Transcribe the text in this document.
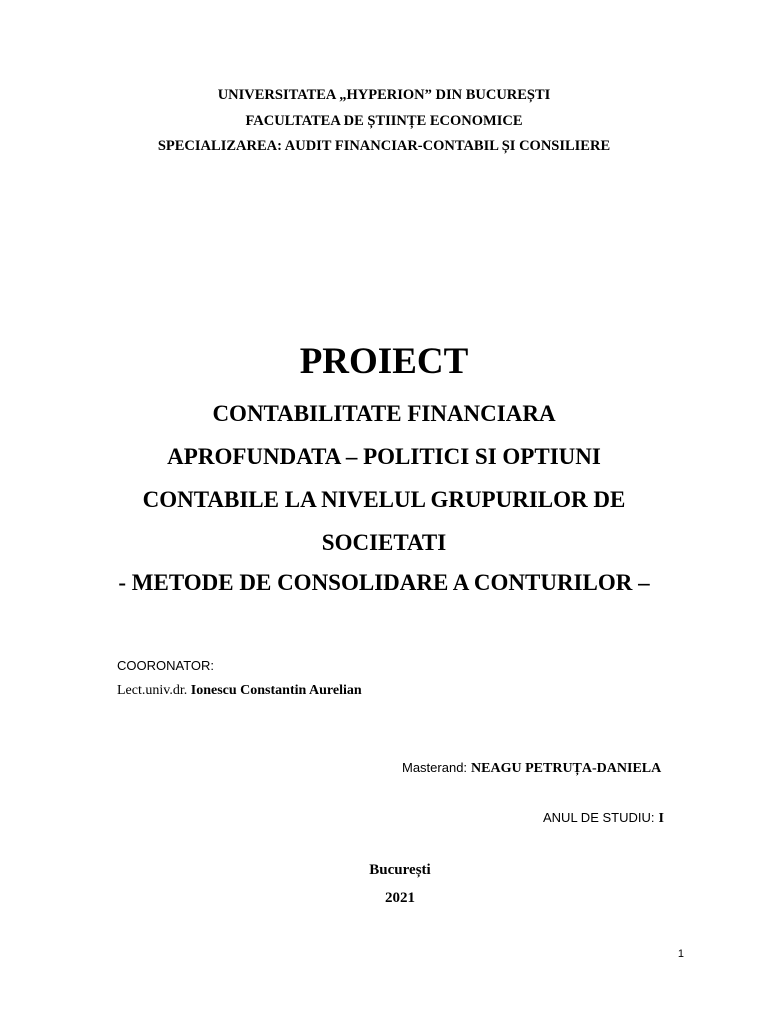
UNIVERSITATEA „HYPERION” DIN BUCUREȘTI
FACULTATEA DE ȘTIINȚE ECONOMICE
SPECIALIZAREA: AUDIT FINANCIAR-CONTABIL ȘI CONSILIERE
PROIECT
CONTABILITATE FINANCIARA
APROFUNDATA – POLITICI SI OPTIUNI
CONTABILE LA NIVELUL GRUPURILOR DE
SOCIETATI
- METODE DE CONSOLIDARE A CONTURILOR –
COORONATOR:
Lect.univ.dr. Ionescu Constantin Aurelian
Masterand: NEAGU PETRUȚA-DANIELA
ANUL DE STUDIU: I
București
2021
1
